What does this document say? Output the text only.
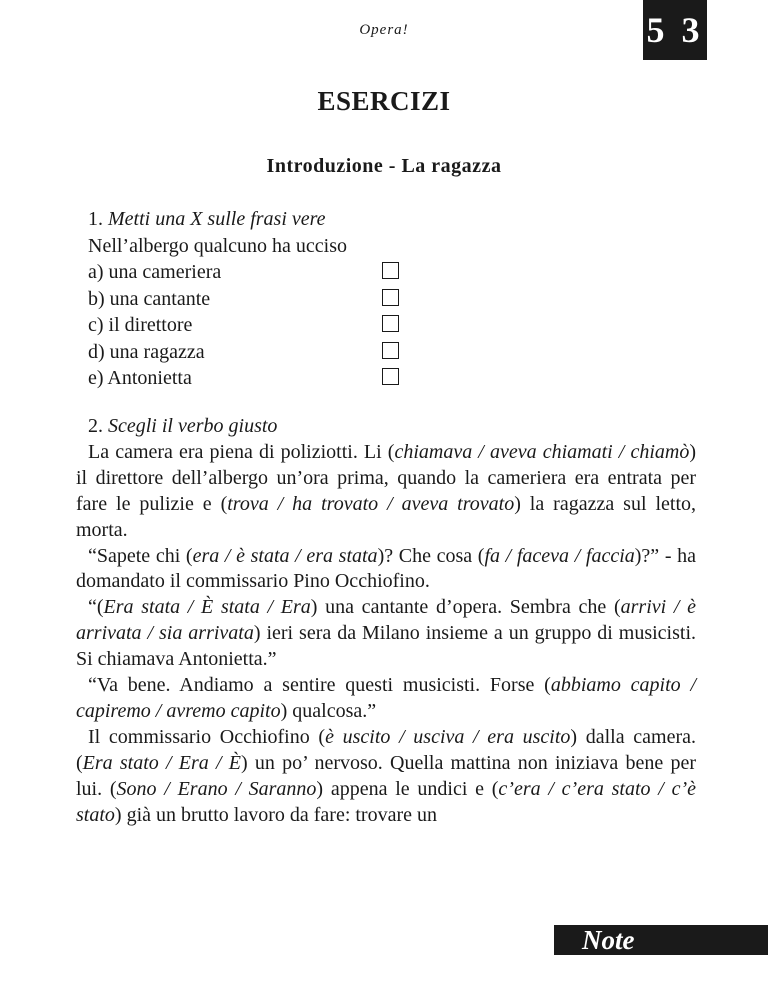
Opera!	5 3
ESERCIZI
Introduzione - La ragazza
1. Metti una X sulle frasi vere
Nell’albergo qualcuno ha ucciso
a) una cameriera
b) una cantante
c) il direttore
d) una ragazza
e) Antonietta
2. Scegli il verbo giusto
La camera era piena di poliziotti. Li (chiamava / aveva chiamati / chiamò) il direttore dell’albergo un’ora prima, quando la cameriera era entrata per fare le pulizie e (trova / ha trovato / aveva trovato) la ragazza sul letto, morta.
“Sapete chi (era / è stata / era stata)? Che cosa (fa / faceva / faccia)?” - ha domandato il commissario Pino Occhiofino.
“(Era stata / È stata / Era) una cantante d’opera. Sembra che (arrivi / è arrivata / sia arrivata) ieri sera da Milano insieme a un gruppo di musicisti. Si chiamava Antonietta.”
“Va bene. Andiamo a sentire questi musicisti. Forse (abbiamo capito / capiremo / avremo capito) qualcosa.”
Il commissario Occhiofino (è uscito / usciva / era uscito) dalla camera. (Era stato / Era / È) un po’ nervoso. Quella mattina non iniziava bene per lui. (Sono / Erano / Saranno) appena le undici e (c’era / c’era stato / c’è stato) già un brutto lavoro da fare: trovare un
Note
